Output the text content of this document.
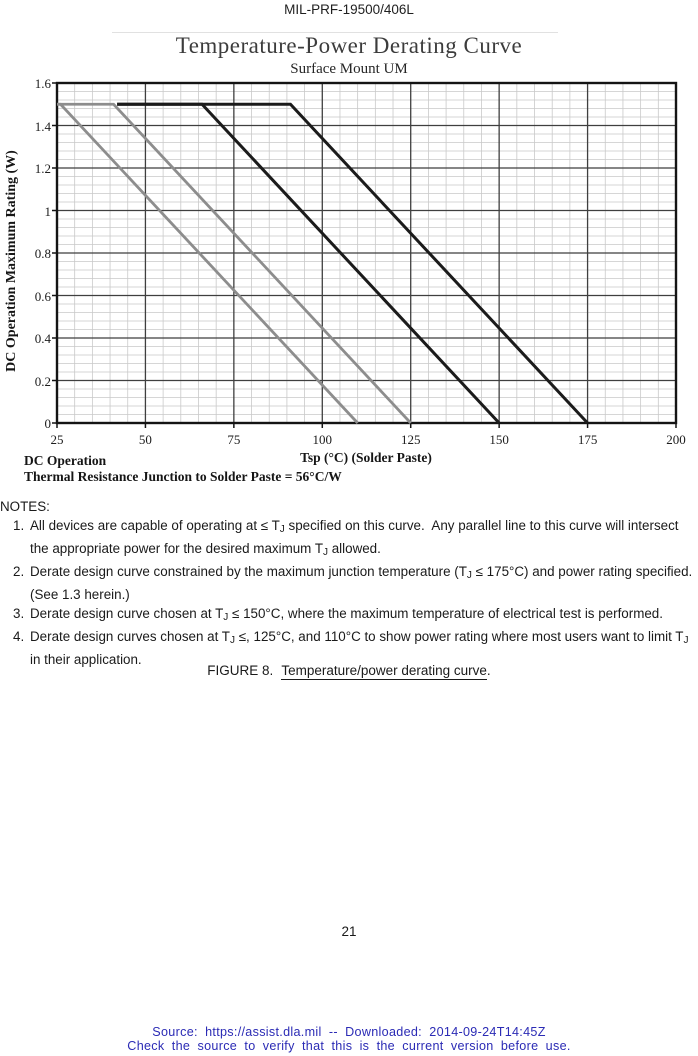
MIL-PRF-19500/406L
Temperature-Power Derating Curve
Surface Mount UM
DC Operation Maximum Rating (W)
Tsp (°C) (Solder Paste)
DC Operation
Thermal Resistance Junction to Solder Paste = 56°C/W
25	50	75	100	125	150	175	200
0
0.2
0.4
0.6
0.8
1
1.2
1.4
1.6
NOTES:
1. All devices are capable of operating at ≤ $T_J$ specified on this curve.  Any parallel line to this curve will intersect
the appropriate power for the desired maximum $T_J$ allowed.
2. Derate design curve constrained by the maximum junction temperature $(T_J \le 175^\circ C)$ and power rating specified.
(See 1.3 herein.)
3. Derate design curve chosen at $T_J \le 150^\circ C$, where the maximum temperature of electrical test is performed.
4. Derate design curves chosen at $T_J$ ≤, 125°C, and 110°C to show power rating where most users want to limit $T_J$
in their application.
FIGURE 8. Temperature/power derating curve.
21
Source: https://assist.dla.mil -- Downloaded: 2014-09-24T14:45Z
Check the source to verify that this is the current version before use.
